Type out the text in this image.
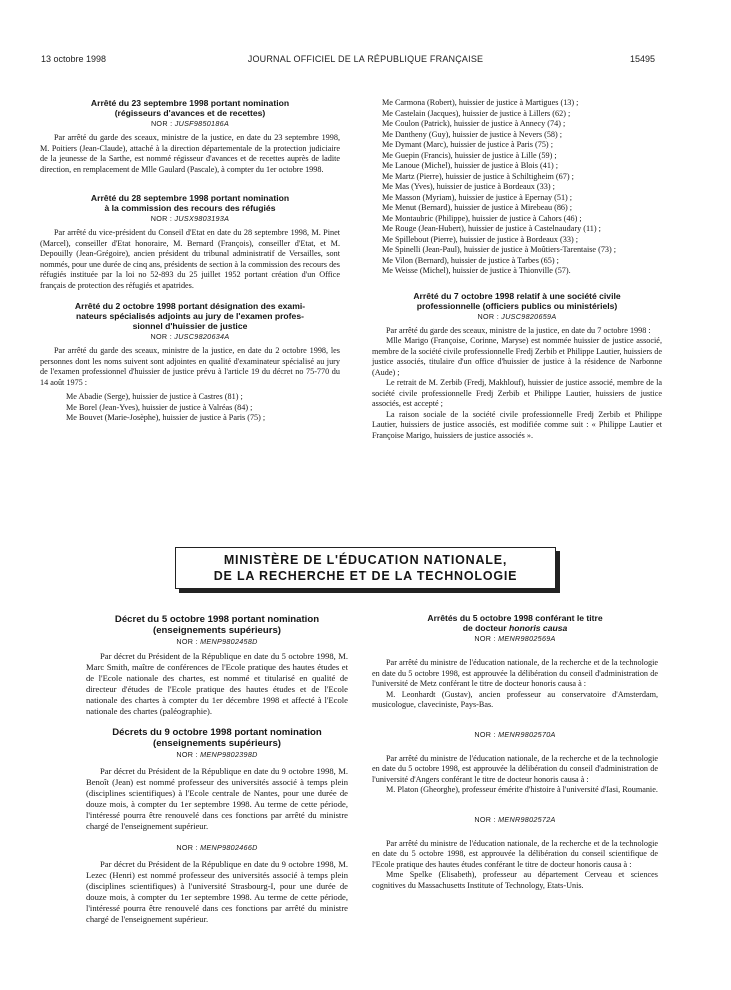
13 octobre 1998	JOURNAL OFFICIEL DE LA RÉPUBLIQUE FRANÇAISE	15495
Arrêté du 23 septembre 1998 portant nomination
(régisseurs d'avances et de recettes)
NOR : JUSF9850186A

Par arrêté du garde des sceaux, ministre de la justice, en date du 23 septembre 1998, M. Poitiers (Jean-Claude), attaché à la direction départementale de la protection judiciaire de la jeunesse de la Sarthe, est nommé régisseur d'avances et de recettes auprès de ladite direction, en remplacement de Mlle Gaulard (Pascale), à compter du 1er octobre 1998.

Arrêté du 28 septembre 1998 portant nomination
à la commission des recours des réfugiés
NOR : JUSX9803193A

Par arrêté du vice-président du Conseil d'Etat en date du 28 septembre 1998, M. Pinet (Marcel), conseiller d'Etat honoraire, M. Bernard (François), conseiller d'Etat, et M. Depouilly (Jean-Grégoire), ancien président du tribunal administratif de Versailles, sont nommés, pour une durée de cinq ans, présidents de section à la commission des recours des réfugiés instituée par la loi no 52-893 du 25 juillet 1952 portant création d'un Office français de protection des réfugiés et apatrides.

Arrêté du 2 octobre 1998 portant désignation des exami-
nateurs spécialisés adjoints au jury de l'examen profes-
sionnel d'huissier de justice
NOR : JUSC9820634A

Par arrêté du garde des sceaux, ministre de la justice, en date du 2 octobre 1998, les personnes dont les noms suivent sont adjointes en qualité d'examinateur spécialisé au jury de l'examen professionnel d'huissier de justice prévu à l'article 19 du décret no 75-770 du 14 août 1975 :

Me Abadie (Serge), huissier de justice à Castres (81) ;

Me Borel (Jean-Yves), huissier de justice à Valréas (84) ;

Me Bouvet (Marie-Josèphe), huissier de justice à Paris (75) ;

Me Carmona (Robert), huissier de justice à Martigues (13) ;

Me Castelain (Jacques), huissier de justice à Lillers (62) ;

Me Coulon (Patrick), huissier de justice à Annecy (74) ;

Me Dantheny (Guy), huissier de justice à Nevers (58) ;

Me Dymant (Marc), huissier de justice à Paris (75) ;

Me Guepin (Francis), huissier de justice à Lille (59) ;

Me Lanoue (Michel), huissier de justice à Blois (41) ;

Me Martz (Pierre), huissier de justice à Schiltigheim (67) ;

Me Mas (Yves), huissier de justice à Bordeaux (33) ;

Me Masson (Myriam), huissier de justice à Epernay (51) ;

Me Menut (Bernard), huissier de justice à Mirebeau (86) ;

Me Montaubric (Philippe), huissier de justice à Cahors (46) ;

Me Rouge (Jean-Hubert), huissier de justice à Castelnaudary (11) ;

Me Spillebout (Pierre), huissier de justice à Bordeaux (33) ;

Me Spinelli (Jean-Paul), huissier de justice à Moûtiers-Tarentaise (73) ;

Me Vilon (Bernard), huissier de justice à Tarbes (65) ;

Me Weisse (Michel), huissier de justice à Thionville (57).

Arrêté du 7 octobre 1998 relatif à une société civile
professionnelle (officiers publics ou ministériels)
NOR : JUSC9820659A

Par arrêté du garde des sceaux, ministre de la justice, en date du 7 octobre 1998 :

Mlle Marigo (Françoise, Corinne, Maryse) est nommée huissier de justice associé, membre de la société civile professionnelle Fredj Zerbib et Philippe Lautier, huissiers de justice associés, titulaire d'un office d'huissier de justice à la résidence de Narbonne (Aude) ;

Le retrait de M. Zerbib (Fredj, Makhlouf), huissier de justice associé, membre de la société civile professionnelle Fredj Zerbib et Philippe Lautier, huissiers de justice associés, est accepté ;

La raison sociale de la société civile professionnelle Fredj Zerbib et Philippe Lautier, huissiers de justice associés, est modifiée comme suit : « Philippe Lautier et Françoise Marigo, huissiers de justice associés ».

MINISTÈRE DE L'ÉDUCATION NATIONALE,
DE LA RECHERCHE ET DE LA TECHNOLOGIE
Décret du 5 octobre 1998 portant nomination
(enseignements supérieurs)
NOR : MENP9802458D

Par décret du Président de la République en date du 5 octobre 1998, M. Marc Smith, maître de conférences de l'Ecole pratique des hautes études et de l'Ecole nationale des chartes, est nommé et titularisé en qualité de directeur d'études de l'Ecole pratique des hautes études et de l'Ecole nationale des chartes à compter du 1er décembre 1998 et affecté à l'Ecole nationale des chartes (paléographie).

Décrets du 9 octobre 1998 portant nomination
(enseignements supérieurs)
NOR : MENP9802398D

Par décret du Président de la République en date du 9 octobre 1998, M. Benoît (Jean) est nommé professeur des universités associé à temps plein (disciplines scientifiques) à l'Ecole centrale de Nantes, pour une durée de douze mois, à compter du 1er septembre 1998. Au terme de cette période, l'intéressé pourra être renouvelé dans ces fonctions par arrêté du ministre chargé de l'enseignement supérieur.

NOR : MENP9802466D

Par décret du Président de la République en date du 9 octobre 1998, M. Lezec (Henri) est nommé professeur des universités associé à temps plein (disciplines scientifiques) à l'université Strasbourg-I, pour une durée de douze mois, à compter du 1er septembre 1998. Au terme de cette période, l'intéressé pourra être renouvelé dans ces fonctions par arrêté du ministre chargé de l'enseignement supérieur.

Arrêtés du 5 octobre 1998 conférant le titre
de docteur honoris causa
NOR : MENR9802569A

Par arrêté du ministre de l'éducation nationale, de la recherche et de la technologie en date du 5 octobre 1998, est approuvée la délibération du conseil d'administration de l'université de Metz conférant le titre de docteur honoris causa à :

M. Leonhardt (Gustav), ancien professeur au conservatoire d'Amsterdam, musicologue, claveciniste, Pays-Bas.

NOR : MENR9802570A

Par arrêté du ministre de l'éducation nationale, de la recherche et de la technologie en date du 5 octobre 1998, est approuvée la délibération du conseil d'administration de l'université d'Angers conférant le titre de docteur honoris causa à :

M. Platon (Gheorghe), professeur émérite d'histoire à l'université d'Iasi, Roumanie.

NOR : MENR9802572A

Par arrêté du ministre de l'éducation nationale, de la recherche et de la technologie en date du 5 octobre 1998, est approuvée la délibération du conseil scientifique de l'Ecole pratique des hautes études conférant le titre de docteur honoris causa à :

Mme Spelke (Elisabeth), professeur au département Cerveau et sciences cognitives du Massachusetts Institute of Technology, Etats-Unis.
